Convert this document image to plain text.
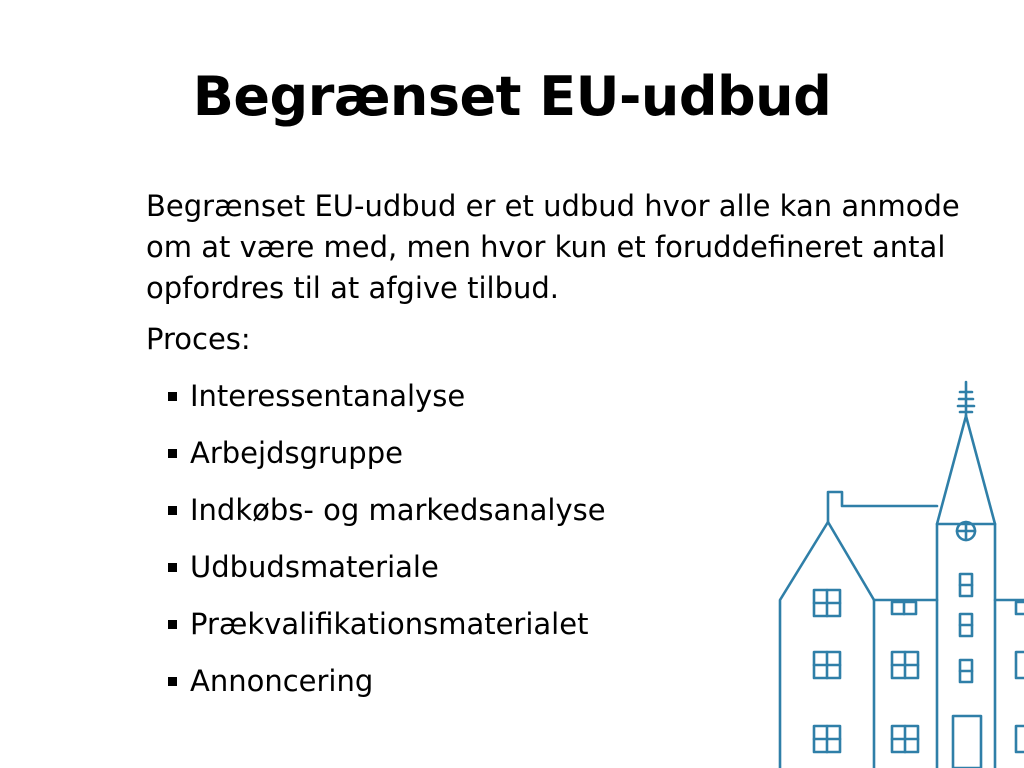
Begrænset EU-udbud

Begrænset EU-udbud er et udbud hvor alle kan anmode om at være med, men hvor kun et foruddefineret antal opfordres til at afgive tilbud.

Proces:

Interessentanalyse
Arbejdsgruppe
Indkøbs- og markedsanalyse
Udbudsmateriale
Prækvalifikationsmaterialet
Annoncering
